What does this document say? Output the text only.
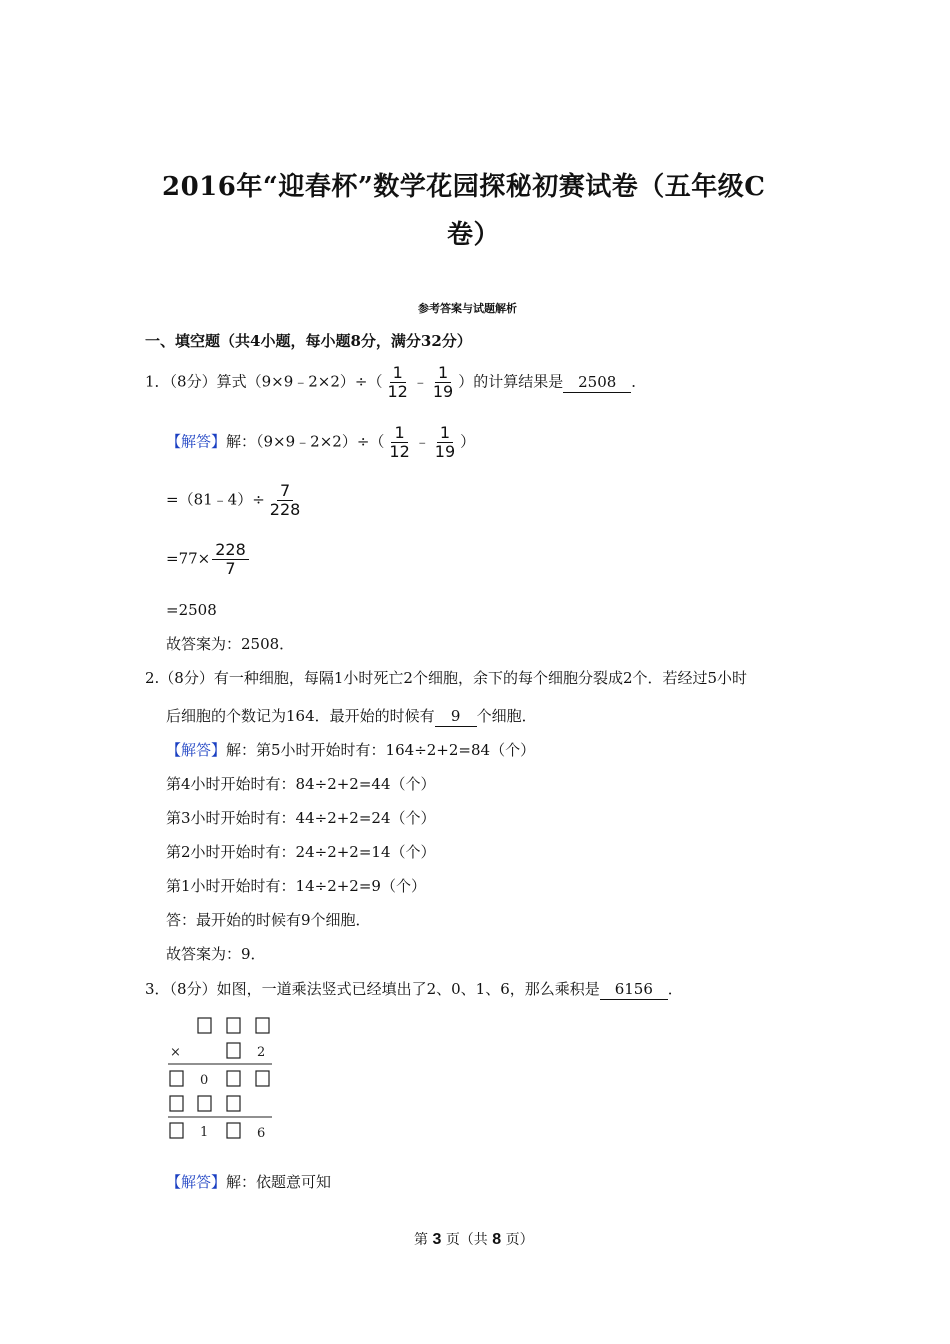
2016年“迎春杯”数学花园探秘初赛试卷（五年级C
卷）
参考答案与试题解析
一、填空题（共4小题，每小题8分，满分32分）
1．（8分）算式（9×9﹣2×2）÷（ $\frac{1}{12}$ ﹣ $\frac{1}{19}$ ）的计算结果是 2508 ．
【解答】解：（9×9﹣2×2）÷（ $\frac{1}{12}$ ﹣ $\frac{1}{19}$ ）
=（81﹣4）÷ $\frac{7}{228}$
$=77\times \frac{228}{7}$
=2508
故答案为：2508．
2.（8分）有一种细胞，每隔1小时死亡2个细胞，余下的每个细胞分裂成2个．若经过5小时
后细胞的个数记为164．最开始的时候有 9 个细胞．
【解答】解：第5小时开始时有：164÷2+2=84（个）
第4小时开始时有：84÷2+2=44（个）
第3小时开始时有：44÷2+2=24（个）
第2小时开始时有：24÷2+2=14（个）
第1小时开始时有：14÷2+2=9（个）
答：最开始的时候有9个细胞．
故答案为：9．
3．（8分）如图，一道乘法竖式已经填出了2、0、1、6，那么乘积是 6156 ．
×	2
0
1	6
【解答】解：依题意可知
第 3 页（共 8 页）
